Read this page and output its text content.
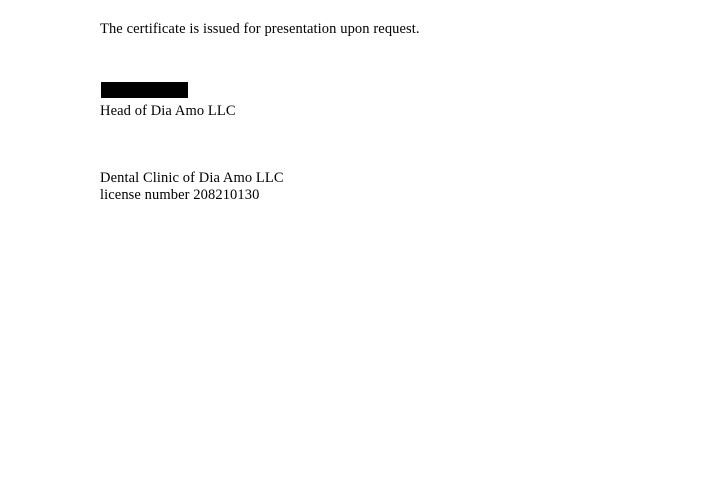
The certificate is issued for presentation upon request.
Head of Dia Amo LLC
Dental Clinic of Dia Amo LLC
license number 208210130
